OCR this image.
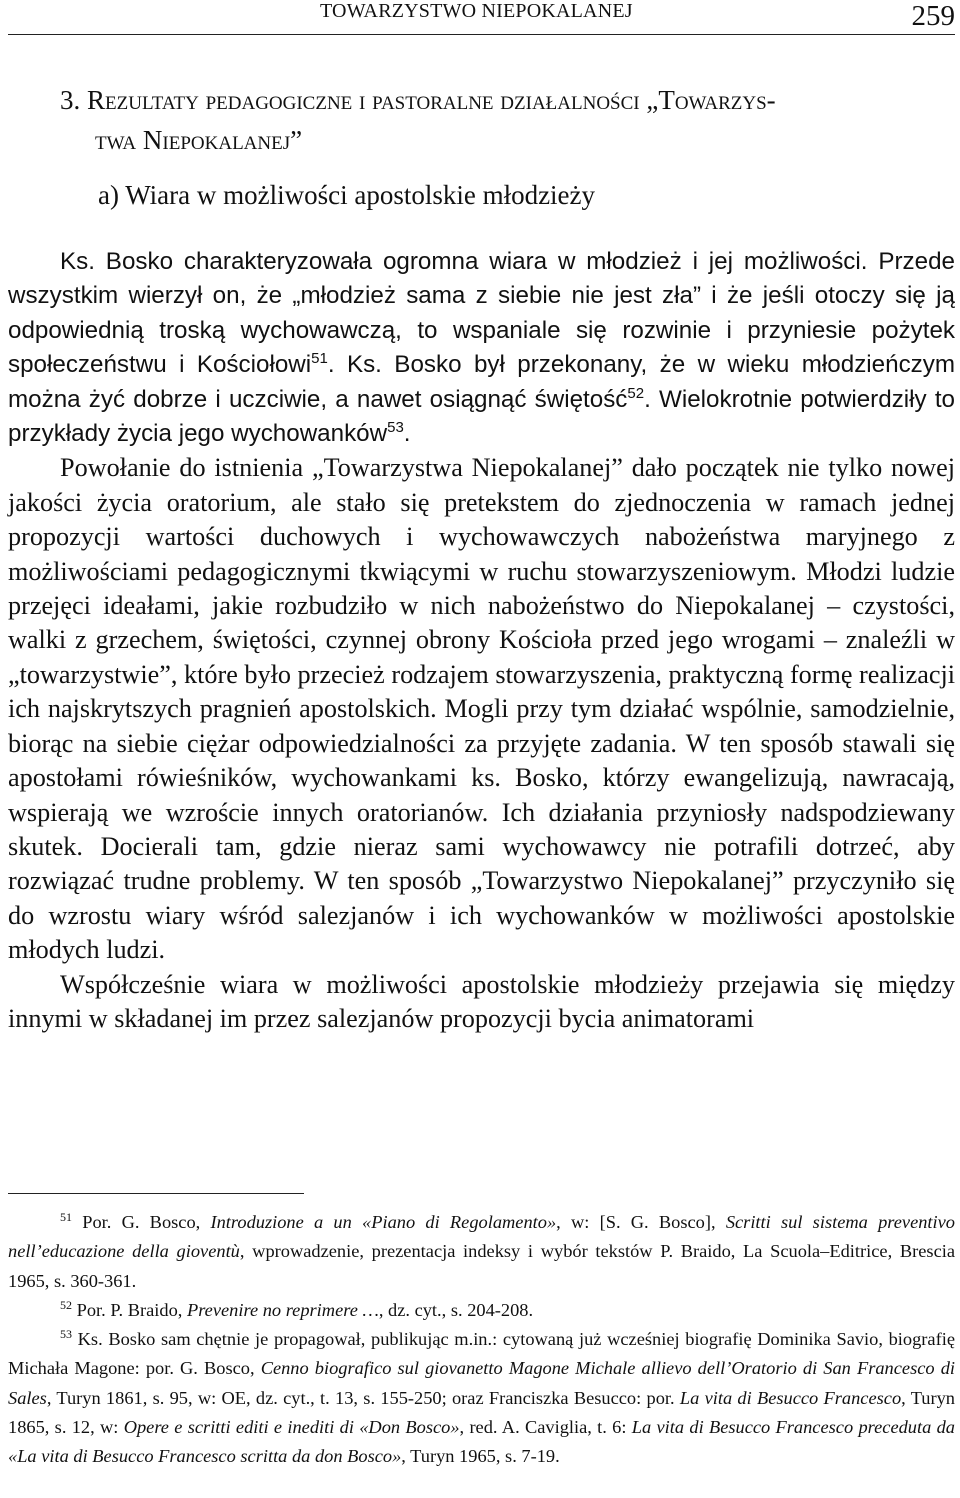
TOWARZYSTWO NIEPOKALANEJ	259
3. Rezultaty pedagogiczne i pastoralne działalności „Towarzys-
twa Niepokalanej”
a) Wiara w możliwości apostolskie młodzieży

Ks. Bosko charakteryzowała ogromna wiara w młodzież i jej możliwości. Przede wszystkim wierzył on, że „młodzież sama z siebie nie jest zła” i że jeśli otoczy się ją odpowiednią troską wychowawczą, to wspaniale się rozwinie i przyniesie pożytek społeczeństwu i Kościołowi$^{51}$. Ks. Bosko był przekonany, że w wieku młodzieńczym można żyć dobrze i uczciwie, a nawet osiągnąć świętość$^{52}$. Wielokrotnie potwierdziły to przykłady życia jego wychowanków$^{53}$.

Powołanie do istnienia „Towarzystwa Niepokalanej” dało początek nie tylko nowej jakości życia oratorium, ale stało się pretekstem do zjednoczenia w ramach jednej propozycji wartości duchowych i wychowawczych nabożeństwa maryjnego z możliwościami pedagogicznymi tkwiącymi w ruchu stowarzyszeniowym. Młodzi ludzie przejęci ideałami, jakie rozbudziło w nich nabożeństwo do Niepokalanej – czystości, walki z grzechem, świętości, czynnej obrony Kościoła przed jego wrogami – znaleźli w „towarzystwie”, które było przecież rodzajem stowarzyszenia, praktyczną formę realizacji ich najskrytszych pragnień apostolskich. Mogli przy tym działać wspólnie, samodzielnie, biorąc na siebie ciężar odpowiedzialności za przyjęte zadania. W ten sposób stawali się apostołami rówieśników, wychowankami ks. Bosko, którzy ewangelizują, nawracają, wspierają we wzroście innych oratorianów. Ich działania przyniosły nadspodziewany skutek. Docierali tam, gdzie nieraz sami wychowawcy nie potrafili dotrzeć, aby rozwiązać trudne problemy. W ten sposób „Towarzystwo Niepokalanej” przyczyniło się do wzrostu wiary wśród salezjanów i ich wychowanków w możliwości apostolskie młodych ludzi.

Współcześnie wiara w możliwości apostolskie młodzieży przejawia się między innymi w składanej im przez salezjanów propozycji bycia animatorami

$^{51}$ Por. G. Bosco, Introduzione a un «Piano di Regolamento», w: [S. G. Bosco], Scritti sul sistema preventivo nell’educazione della gioventù, wprowadzenie, prezentacja indeksy i wybór tekstów P. Braido, La Scuola–Editrice, Brescia 1965, s. 360-361.

$^{52}$ Por. P. Braido, Prevenire no reprimere …, dz. cyt., s. 204-208.

$^{53}$ Ks. Bosko sam chętnie je propagował, publikując m.in.: cytowaną już wcześniej biografię Dominika Savio, biografię Michała Magone: por. G. Bosco, Cenno biografico sul giovanetto Magone Michale allievo dell’Oratorio di San Francesco di Sales, Turyn 1861, s. 95, w: OE, dz. cyt., t. 13, s. 155-250; oraz Franciszka Besucco: por. La vita di Besucco Francesco, Turyn 1865, s. 12, w: Opere e scritti editi e inediti di «Don Bosco», red. A. Caviglia, t. 6: La vita di Besucco Francesco preceduta da «La vita di Besucco Francesco scritta da don Bosco», Turyn 1965, s. 7-19.
